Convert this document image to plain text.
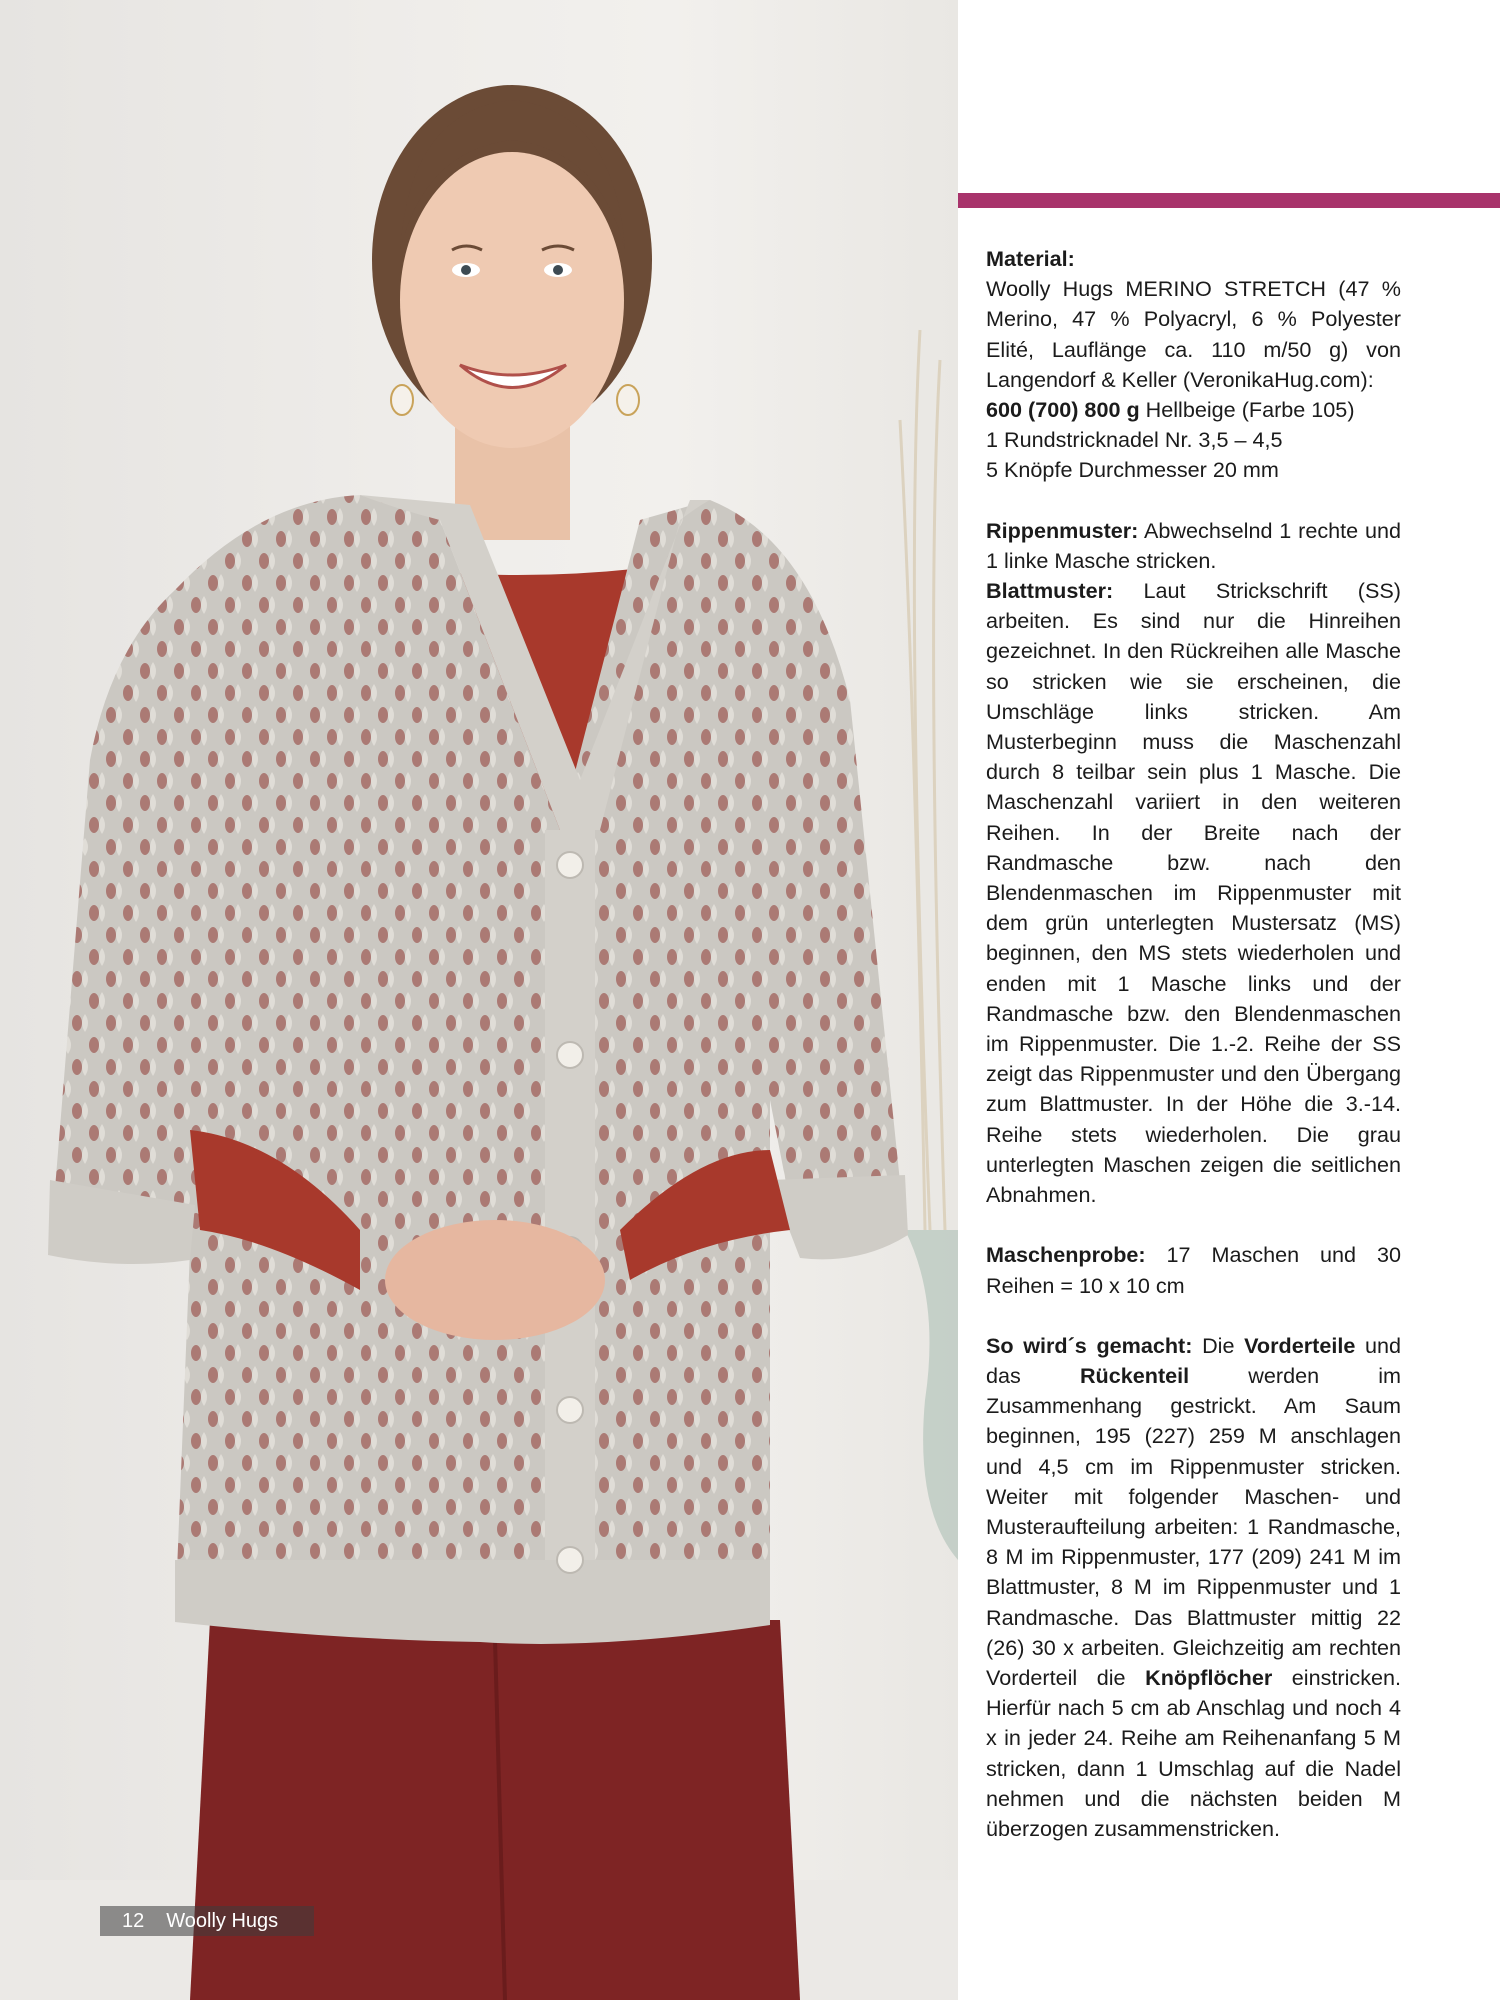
12 Woolly Hugs

Material:
Woolly Hugs MERINO STRETCH (47 % Merino, 47 % Polyacryl, 6 % Polyester Elité, Lauflänge ca. 110 m/50 g) von Langendorf & Keller (VeronikaHug.com):
600 (700) 800 g Hellbeige (Farbe 105)
1 Rundstricknadel Nr. 3,5 – 4,5
5 Knöpfe Durchmesser 20 mm

Rippenmuster: Abwechselnd 1 rechte und 1 linke Masche stricken.
Blattmuster: Laut Strickschrift (SS) arbeiten. Es sind nur die Hinreihen gezeichnet. In den Rückreihen alle Masche so stricken wie sie erscheinen, die Umschläge links stricken. Am Musterbeginn muss die Maschenzahl durch 8 teilbar sein plus 1 Masche. Die Maschenzahl variiert in den weiteren Reihen. In der Breite nach der Randmasche bzw. nach den Blendenmaschen im Rippenmuster mit dem grün unterlegten Mustersatz (MS) beginnen, den MS stets wiederholen und enden mit 1 Masche links und der Randmasche bzw. den Blendenmaschen im Rippenmuster. Die 1.-2. Reihe der SS zeigt das Rippenmuster und den Übergang zum Blattmuster. In der Höhe die 3.-14. Reihe stets wiederholen. Die grau unterlegten Maschen zeigen die seitlichen Abnahmen.

Maschenprobe: 17 Maschen und 30 Reihen = 10 x 10 cm

So wird´s gemacht: Die Vorderteile und das	Rückenteil	werden im Zusammenhang gestrickt. Am Saum beginnen, 195 (227) 259 M anschlagen und 4,5 cm im Rippenmuster stricken. Weiter mit folgender Maschen- und Musteraufteilung arbeiten: 1 Randmasche, 8 M im Rippenmuster, 177 (209) 241 M im Blattmuster, 8 M im Rippenmuster und 1 Randmasche. Das Blattmuster mittig 22 (26) 30 x arbeiten. Gleichzeitig am rechten Vorderteil die Knöpflöcher einstricken. Hierfür nach 5 cm ab Anschlag und noch 4 x in jeder 24. Reihe am Reihenanfang 5 M stricken, dann 1 Umschlag auf die Nadel nehmen und die nächsten beiden M überzogen zusammenstricken.
